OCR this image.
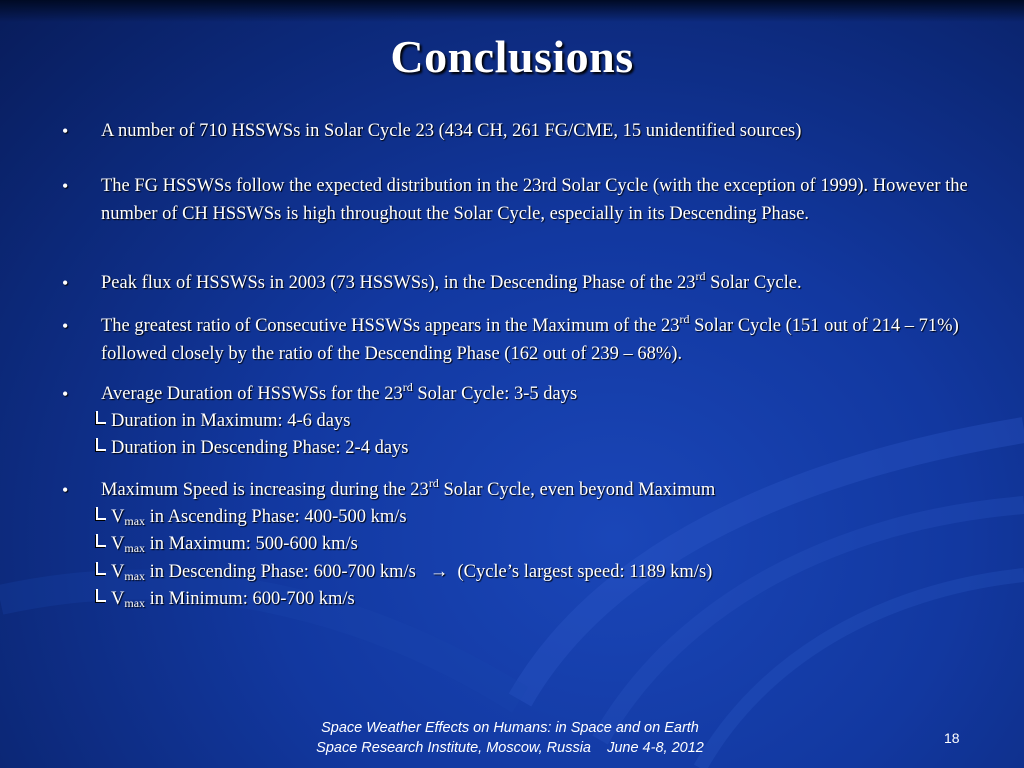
Conclusions
• A number of 710 HSSWSs in Solar Cycle 23 (434 CH, 261 FG/CME, 15 unidentified sources)
• The FG HSSWSs follow the expected distribution in the 23rd Solar Cycle (with the exception of 1999). However the number of CH HSSWSs is high throughout the Solar Cycle, especially in its Descending Phase.
• Peak flux of HSSWSs in 2003 (73 HSSWSs), in the Descending Phase of the 23rd Solar Cycle.
• The greatest ratio of Consecutive HSSWSs appears in the Maximum of the 23rd Solar Cycle (151 out of 214 – 71%) followed closely by the ratio of the Descending Phase (162 out of 239 – 68%).
• Average Duration of HSSWSs for the 23rd Solar Cycle: 3-5 days
Duration in Maximum: 4-6 days
Duration in Descending Phase: 2-4 days
• Maximum Speed is increasing during the 23rd Solar Cycle, even beyond Maximum
$V_{max}$ in Ascending Phase: 400-500 km/s
$V_{max}$ in Maximum: 500-600 km/s
$V_{max}$ in Descending Phase: 600-700 km/s   →  (Cycle’s largest speed: 1189 km/s)
$V_{max}$ in Minimum: 600-700 km/s
Space Weather Effects on Humans: in Space and on Earth
Space Research Institute, Moscow, Russia    June 4-8, 2012
18
